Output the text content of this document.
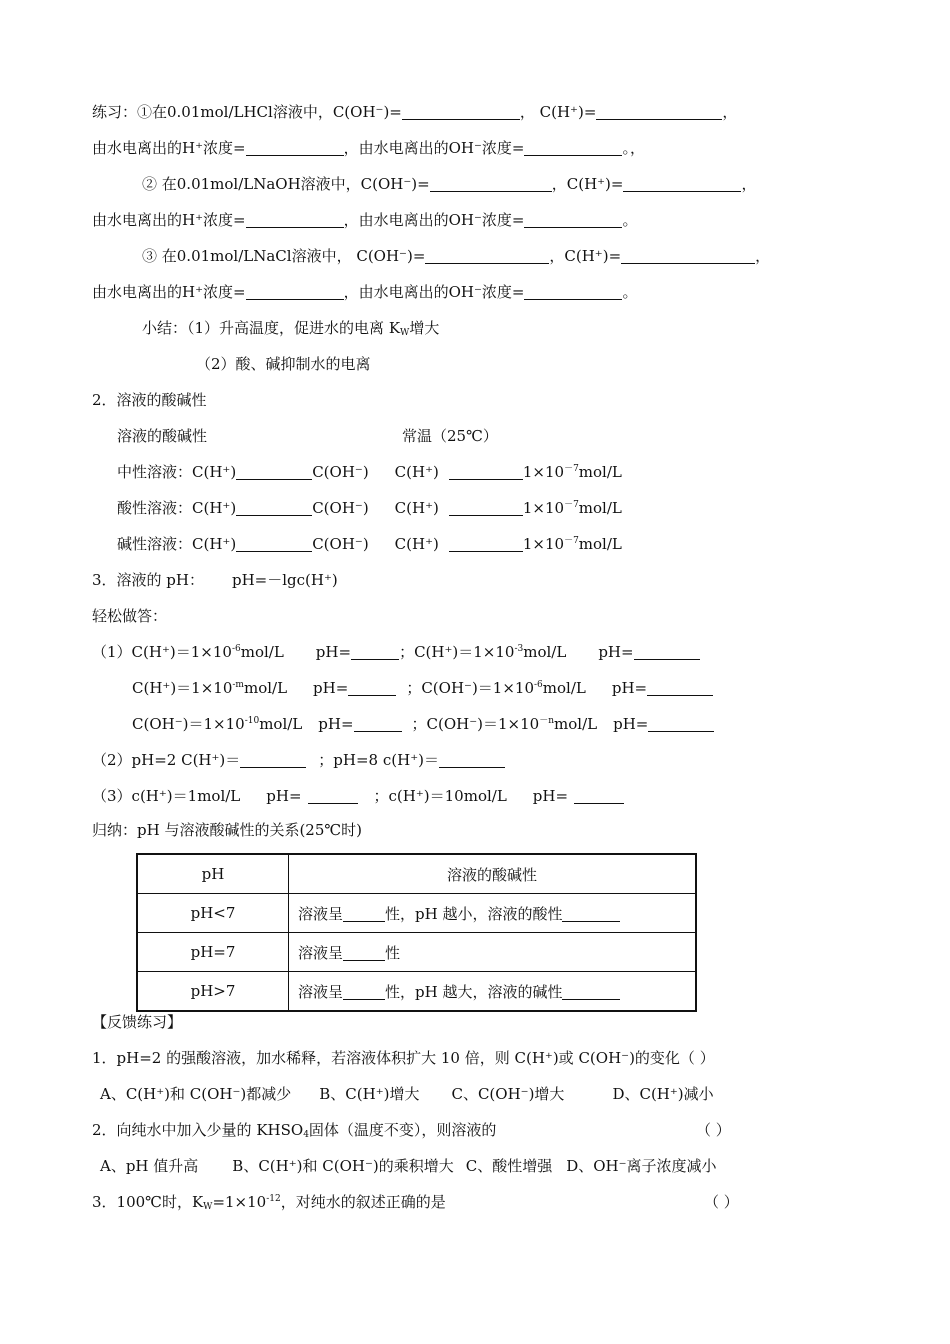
练习：①在0.01mol/LHCl溶液中，C(OH⁻)=	， C(H⁺)=	，
由水电离出的H⁺浓度=	，由水电离出的OH⁻浓度=	。，
② 在0.01mol/LNaOH溶液中，C(OH⁻)=	，C(H⁺)=	，
由水电离出的H⁺浓度=	，由水电离出的OH⁻浓度=	。
③ 在0.01mol/LNaCl溶液中， C(OH⁻)=	，C(H⁺)=	，
由水电离出的H⁺浓度=	，由水电离出的OH⁻浓度=	。
小结：（1）升高温度，促进水的电离 $K_W$增大
（2）酸、碱抑制水的电离
2．溶液的酸碱性
溶液的酸碱性	常温（25℃）
中性溶液：C(H⁺)	C(OH⁻) C(H⁺)	$1\times 10^{-7}mol/L$
酸性溶液：C(H⁺)	C(OH⁻) C(H⁺)	$1\times 10^{-7}mol/L$
碱性溶液：C(H⁺)	C(OH⁻) C(H⁺)	$1\times 10^{-7}mol/L$
3．溶液的 pH： pH=－lgc(H⁺)
轻松做答：
$(1)C(H^+)=1\times 10^{-6}mol/L$ pH=	；$C(H^+)=1\times 10^{-3}mol/L$ pH=
$C(H^+)=1\times 10^{-m}mol/L$ pH=	；$C(OH^-)=1\times 10^{-6}mol/L$ pH=
$C(OH^-)=1\times 10^{-10}mol/L$ pH=	；$C(OH^-)=1\times 10^{-n}mol/L$ pH=
（2）pH=2 C(H⁺)＝	；pH=8 c(H⁺)＝
（3）c(H⁺)＝1mol/L pH=	；c(H⁺)＝10mol/L pH=
归纳：pH 与溶液酸碱性的关系(25℃时)
pH	溶液的酸碱性
pH<7	溶液呈 性，pH 越小，溶液的酸性
pH=7	溶液呈 性
pH>7	溶液呈 性，pH 越大，溶液的碱性
【反馈练习】
1．pH=2 的强酸溶液，加水稀释，若溶液体积扩大 10 倍，则 C(H⁺)或 C(OH⁻)的变化（ ）
A、C(H⁺)和 C(OH⁻)都减少 B、C(H⁺)增大 C、C(OH⁻)增大	D、C(H⁺)减小
2．向纯水中加入少量的 $KHSO_4$固体（温度不变），则溶液的	（ ）
A、pH 值升高 B、C(H⁺)和 C(OH⁻)的乘积增大 C、酸性增强 D、OH⁻离子浓度减小
3．100℃时，$K_W=1\times 10^{-12}$，对纯水的叙述正确的是	（ ）
